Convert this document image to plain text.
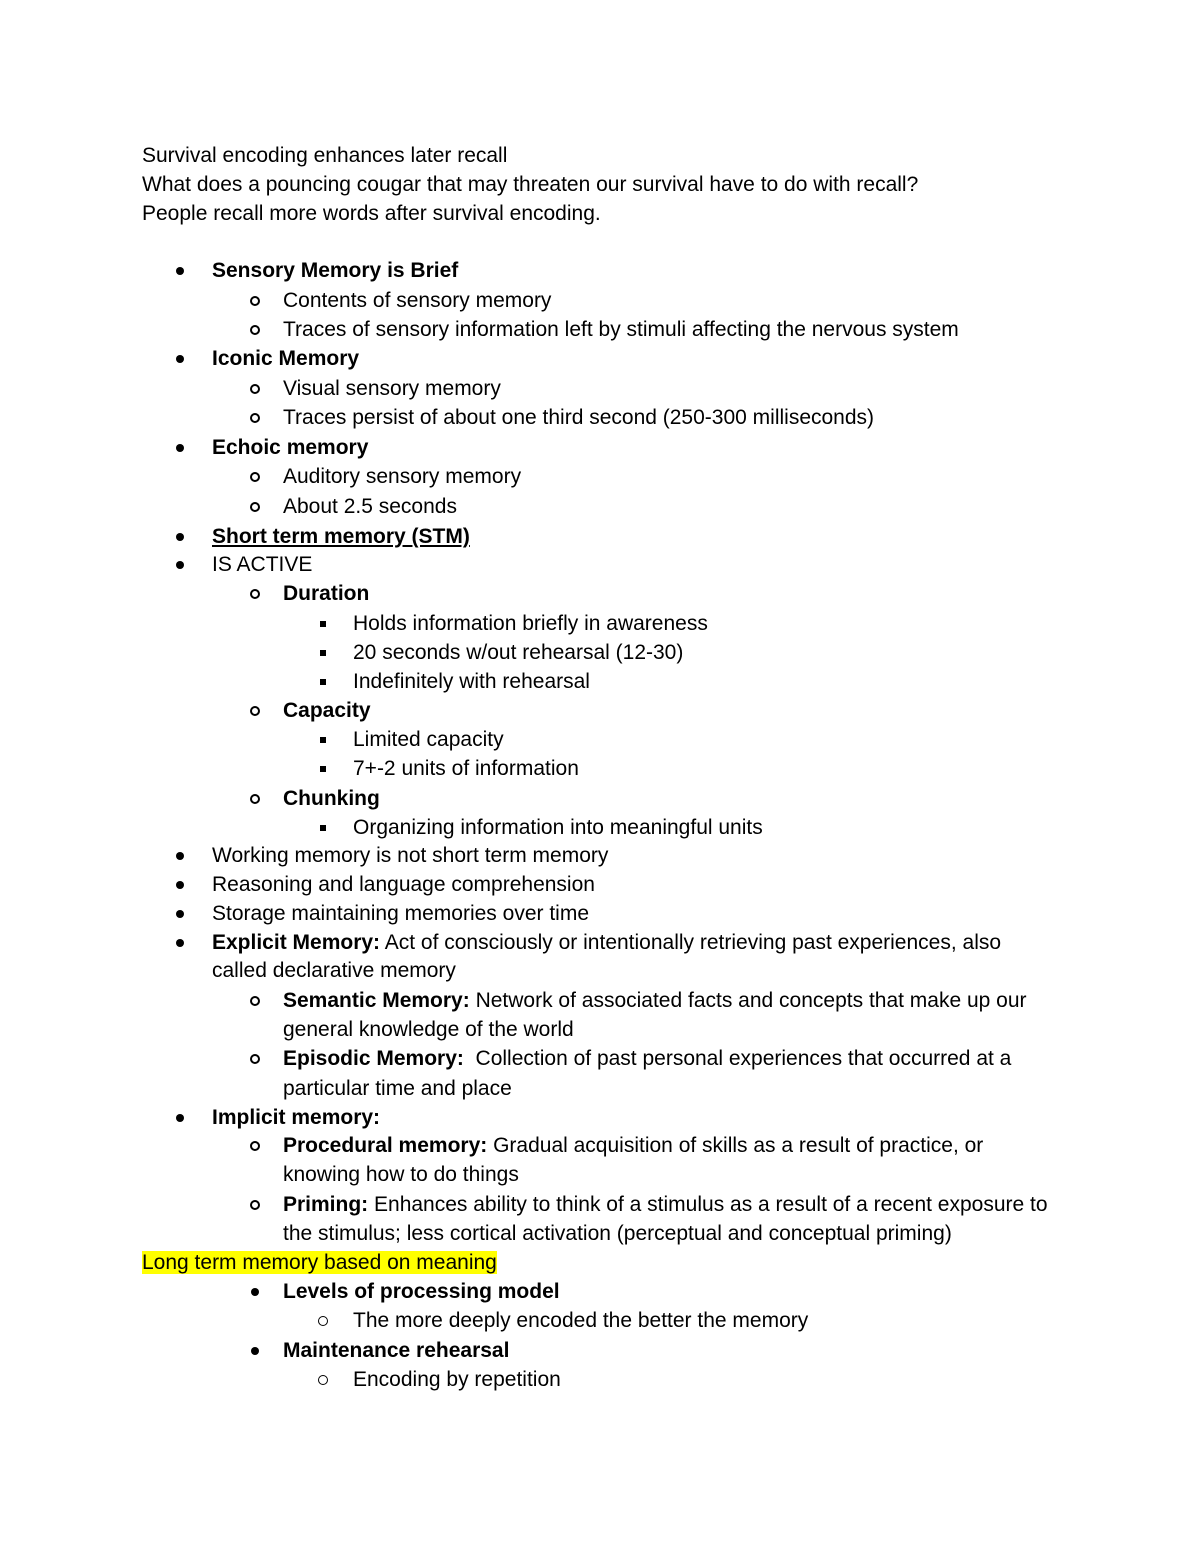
Survival encoding enhances later recall
What does a pouncing cougar that may threaten our survival have to do with recall?
People recall more words after survival encoding.
Sensory Memory is Brief
Contents of sensory memory
Traces of sensory information left by stimuli affecting the nervous system
Iconic Memory
Visual sensory memory
Traces persist of about one third second (250-300 milliseconds)
Echoic memory
Auditory sensory memory
About 2.5 seconds
Short term memory (STM)
IS ACTIVE
Duration
Holds information briefly in awareness
20 seconds w/out rehearsal (12-30)
Indefinitely with rehearsal
Capacity
Limited capacity
7+-2 units of information
Chunking
Organizing information into meaningful units
Working memory is not short term memory
Reasoning and language comprehension
Storage maintaining memories over time
Explicit Memory: Act of consciously or intentionally retrieving past experiences, also
called declarative memory
Semantic Memory: Network of associated facts and concepts that make up our
general knowledge of the world
Episodic Memory:  Collection of past personal experiences that occurred at a
particular time and place
Implicit memory:
Procedural memory: Gradual acquisition of skills as a result of practice, or
knowing how to do things
Priming: Enhances ability to think of a stimulus as a result of a recent exposure to
the stimulus; less cortical activation (perceptual and conceptual priming)
Long term memory based on meaning
Levels of processing model
The more deeply encoded the better the memory
Maintenance rehearsal
Encoding by repetition
